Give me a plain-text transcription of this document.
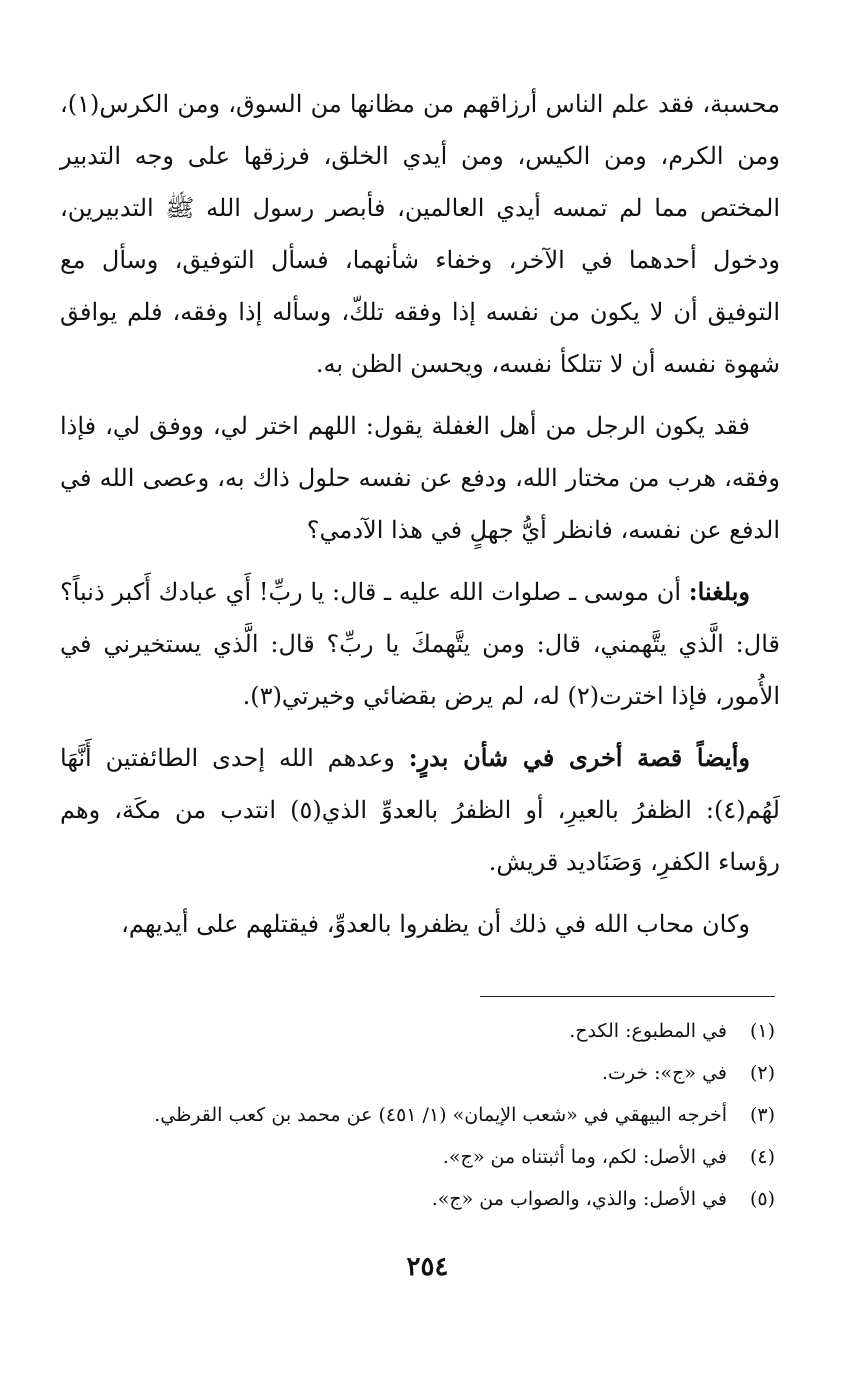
محسبة، فقد علم الناس أرزاقهم من مظانها من السوق، ومن الكرس(١)، ومن الكرم، ومن الكيس، ومن أيدي الخلق، فرزقها على وجه التدبير المختص مما لم تمسه أيدي العالمين، فأبصر رسول الله ﷺ التدبيرين، ودخول أحدهما في الآخر، وخفاء شأنهما، فسأل التوفيق، وسأل مع التوفيق أن لا يكون من نفسه إذا وفقه تلكّ، وسأله إذا وفقه، فلم يوافق شهوة نفسه أن لا تتلكأ نفسه، ويحسن الظن به.

فقد يكون الرجل من أهل الغفلة يقول: اللهم اختر لي، ووفق لي، فإذا وفقه، هرب من مختار الله، ودفع عن نفسه حلول ذاك به، وعصى الله في الدفع عن نفسه، فانظر أيُّ جهلٍ في هذا الآدمي؟

وبلغنا: أن موسى ـ صلوات الله عليه ـ قال: يا ربِّ! أَي عبادك أَكبر ذنباً؟ قال: الَّذي يتَّهمني، قال: ومن يتَّهمكَ يا ربِّ؟ قال: الَّذي يستخيرني في الأُمور، فإذا اخترت(٢) له، لم يرض بقضائي وخيرتي(٣).

وأيضاً قصة أخرى في شأن بدرٍ: وعدهم الله إحدى الطائفتين أَنَّهَا لَهُم(٤): الظفرُ بالعيرِ، أو الظفرُ بالعدوِّ الذي(٥) انتدب من مكَة، وهم رؤساء الكفرِ، وَصَنَاديد قريش.

وكان محاب الله في ذلك أن يظفروا بالعدوِّ، فيقتلهم على أيديهم،

(١)
في المطبوع: الكدح.
(٢)
في «ج»: خرت.
(٣)
أخرجه البيهقي في «شعب الإيمان» (١/ ٤٥١) عن محمد بن كعب القرظي.
(٤)
في الأصل: لكم، وما أثبتناه من «ج».
(٥)
في الأصل: والذي، والصواب من «ج».
٢٥٤
